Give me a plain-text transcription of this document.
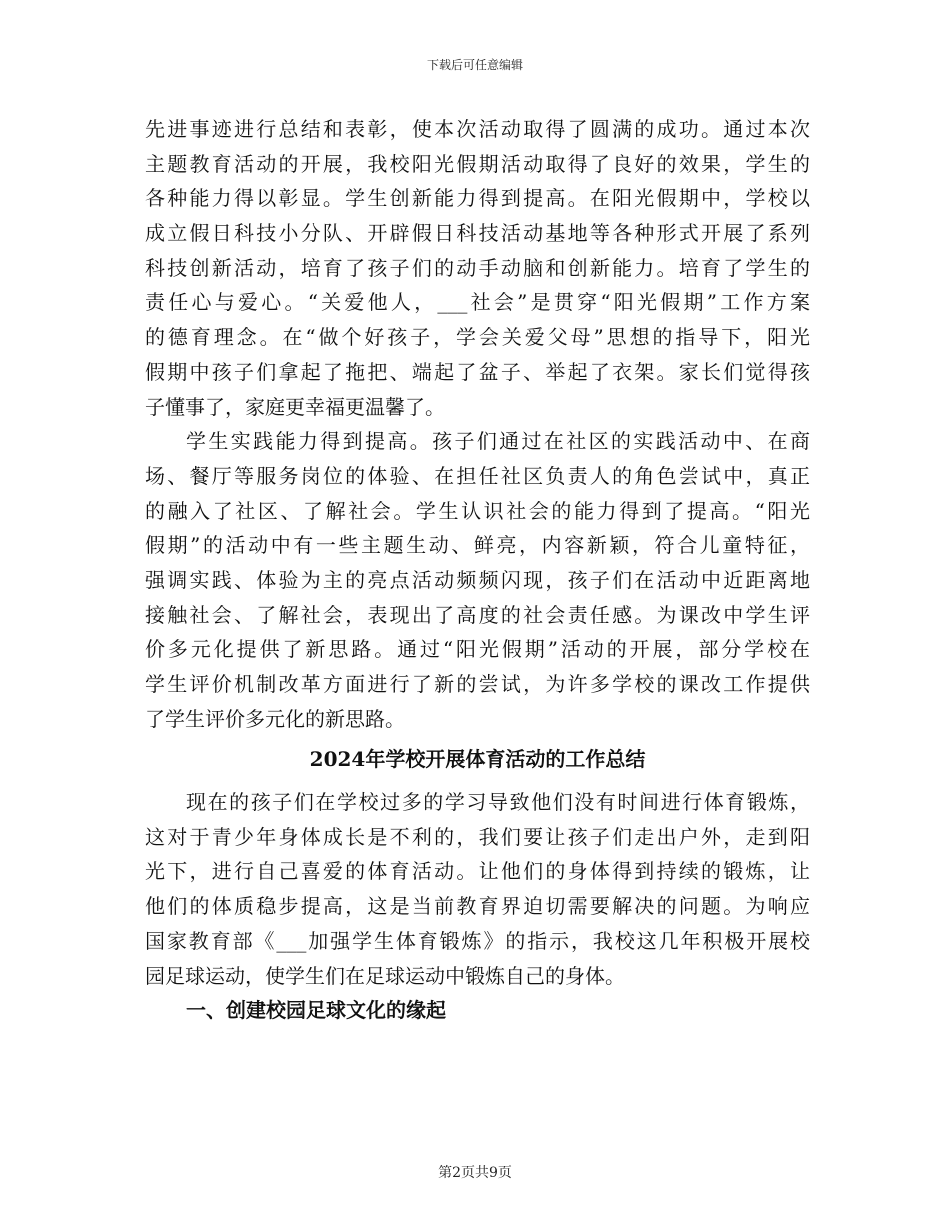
下载后可任意编辑
先进事迹进行总结和表彰，使本次活动取得了圆满的成功。通过本次
主题教育活动的开展，我校阳光假期活动取得了良好的效果，学生的
各种能力得以彰显。学生创新能力得到提高。在阳光假期中，学校以
成立假日科技小分队、开辟假日科技活动基地等各种形式开展了系列
科技创新活动，培育了孩子们的动手动脑和创新能力。培育了学生的
责任心与爱心。“关爱他人，___社会”是贯穿“阳光假期”工作方案
的德育理念。在“做个好孩子，学会关爱父母”思想的指导下，阳光
假期中孩子们拿起了拖把、端起了盆子、举起了衣架。家长们觉得孩
子懂事了，家庭更幸福更温馨了。
学生实践能力得到提高。孩子们通过在社区的实践活动中、在商
场、餐厅等服务岗位的体验、在担任社区负责人的角色尝试中，真正
的融入了社区、了解社会。学生认识社会的能力得到了提高。“阳光
假期”的活动中有一些主题生动、鲜亮，内容新颖，符合儿童特征，
强调实践、体验为主的亮点活动频频闪现，孩子们在活动中近距离地
接触社会、了解社会，表现出了高度的社会责任感。为课改中学生评
价多元化提供了新思路。通过“阳光假期”活动的开展，部分学校在
学生评价机制改革方面进行了新的尝试，为许多学校的课改工作提供
了学生评价多元化的新思路。
2024年学校开展体育活动的工作总结
现在的孩子们在学校过多的学习导致他们没有时间进行体育锻炼，
这对于青少年身体成长是不利的，我们要让孩子们走出户外，走到阳
光下，进行自己喜爱的体育活动。让他们的身体得到持续的锻炼，让
他们的体质稳步提高，这是当前教育界迫切需要解决的问题。为响应
国家教育部《___加强学生体育锻炼》的指示，我校这几年积极开展校
园足球运动，使学生们在足球运动中锻炼自己的身体。
一、创建校园足球文化的缘起
第2页共9页
